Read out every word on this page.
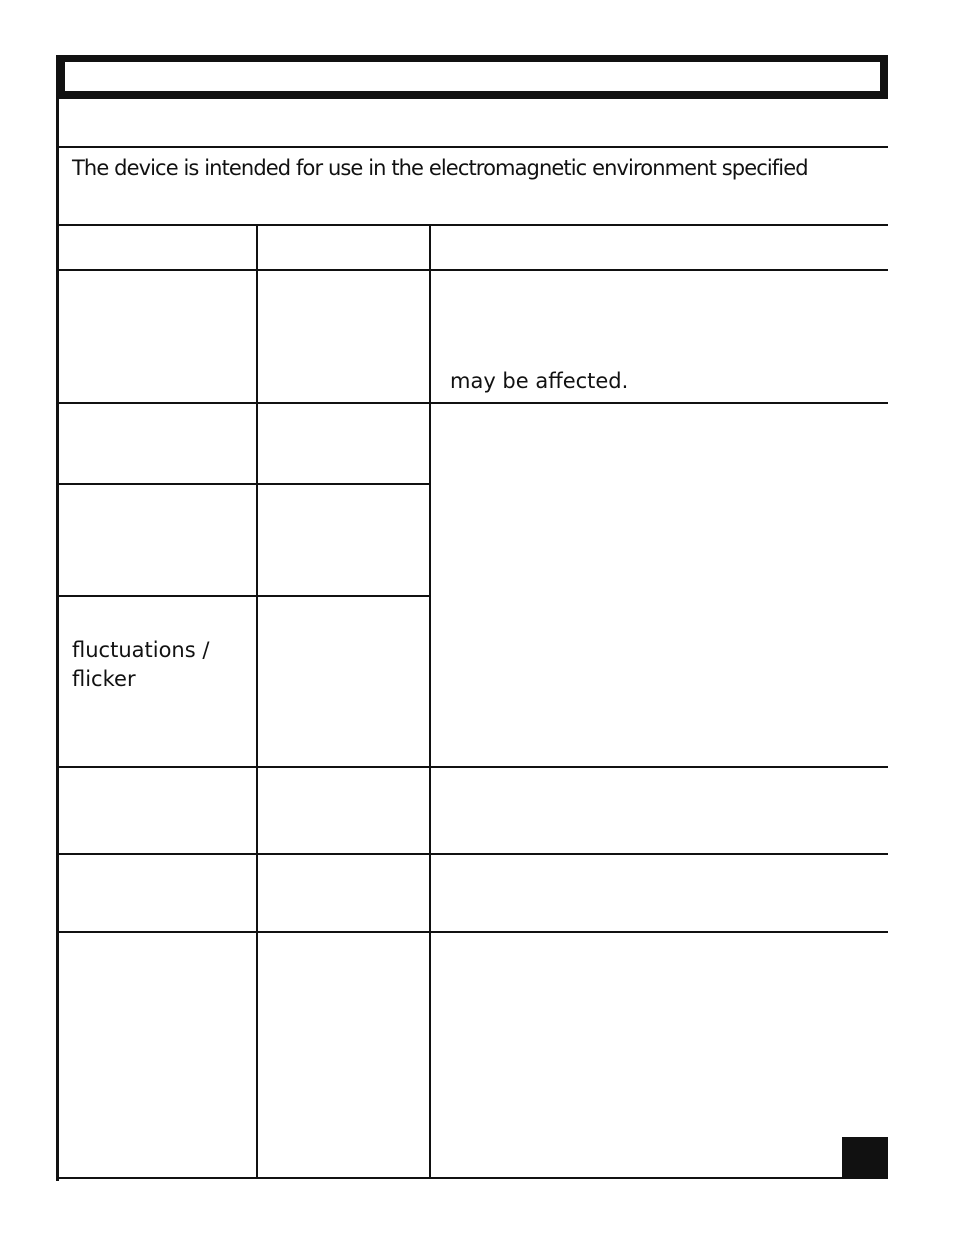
The device is intended for use in the electromagnetic environment specified
may be affected.
fluctuations /
flicker
